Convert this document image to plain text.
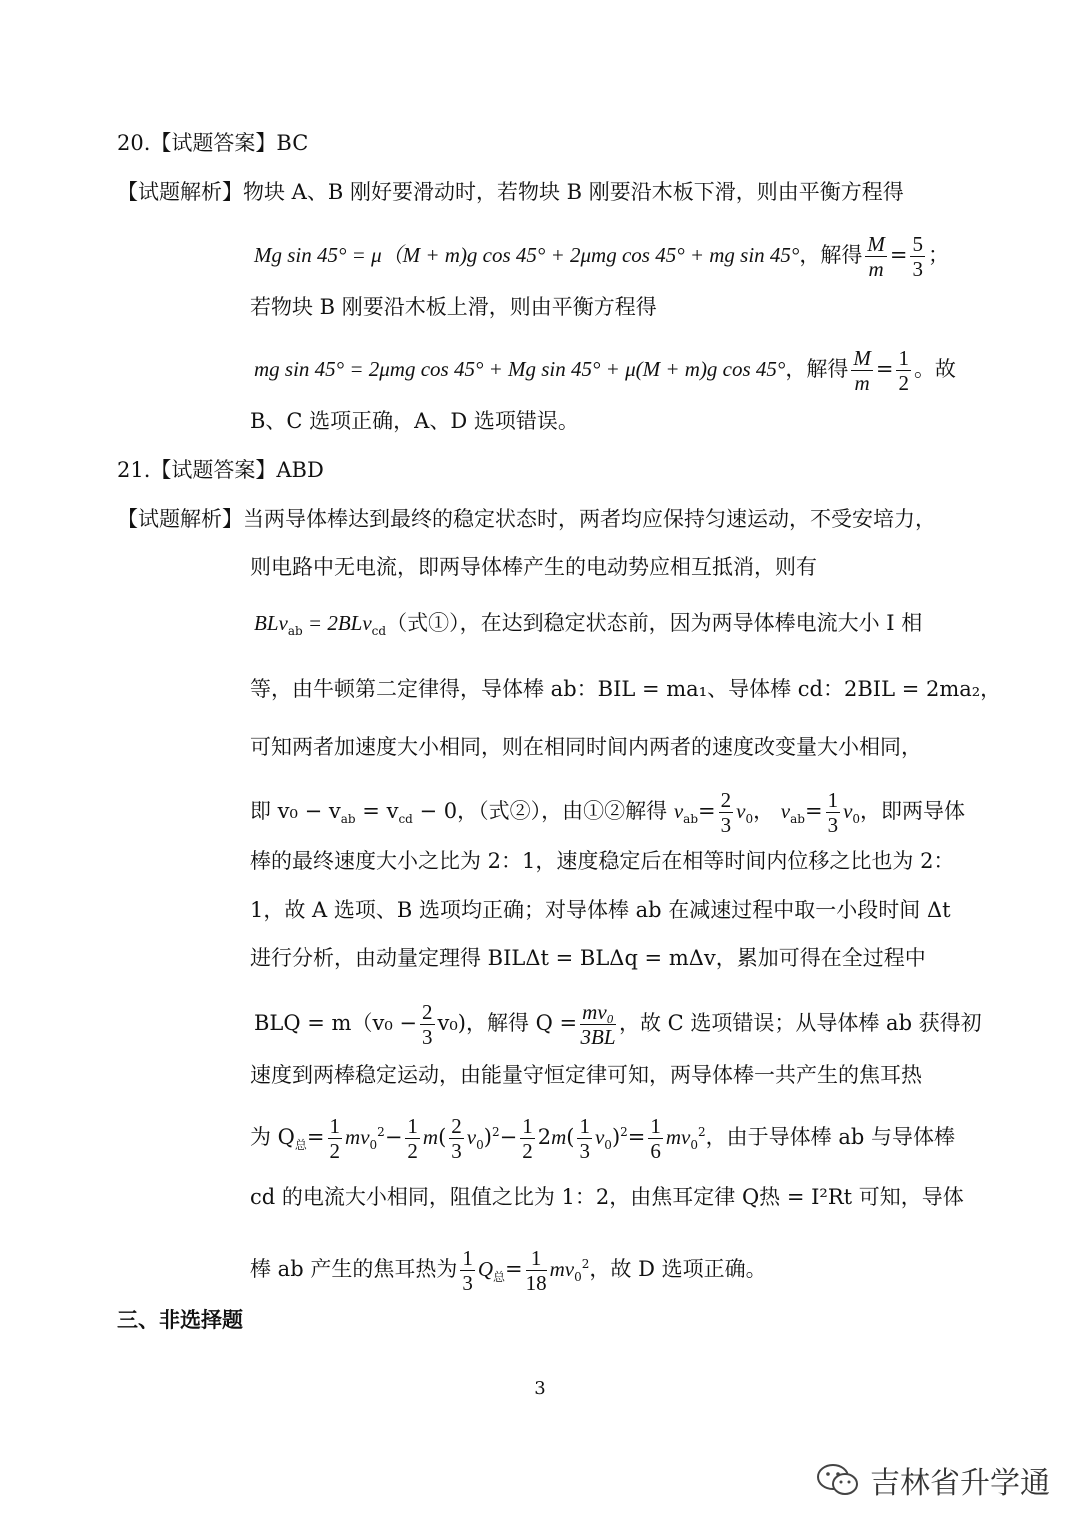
20.【试题答案】BC
【试题解析】物块 A、B 刚好要滑动时，若物块 B 刚要沿木板下滑，则由平衡方程得
Mg sin 45° = μ（M + m)g cos 45° + 2μmg cos 45° + mg sin 45°，解得 $\frac{M}{m} = \frac{5}{3}$ ；
若物块 B 刚要沿木板上滑，则由平衡方程得
mg sin 45° = 2μmg cos 45° + Mg sin 45° + μ(M + m)g cos 45°，解得 $\frac{M}{m} = \frac{1}{2}$ 。故
B、C 选项正确，A、D 选项错误。
21.【试题答案】ABD
【试题解析】当两导体棒达到最终的稳定状态时，两者均应保持匀速运动，不受安培力，
则电路中无电流，即两导体棒产生的电动势应相互抵消，则有
BLv$_{ab}$ = 2BLv$_{cd}$（式①），在达到稳定状态前，因为两导体棒电流大小 I 相
等，由牛顿第二定律得，导体棒 ab：BIL = ma₁、导体棒 cd：2BIL = 2ma₂，
可知两者加速度大小相同，则在相同时间内两者的速度改变量大小相同，
即 $v_0 - v_{ab} = v_{cd} - 0$，（式②），由①②解得 $v_{ab}= \frac{2}{3} v_0$， $v_{ab}= \frac{1}{3} v_0$，即两导体
棒的最终速度大小之比为 2：1，速度稳定后在相等时间内位移之比也为 2：
1，故 A 选项、B 选项均正确；对导体棒 ab 在减速过程中取一小段时间 Δt
进行分析，由动量定理得 BILΔt = BLΔq = mΔv，累加可得在全过程中
BLQ = $m(v_0 - \frac{2}{3} v_0)$，解得 $Q = \frac{\text{mv₀}}{3BL}$ ，故 C 选项错误；从导体棒 ab 获得初
速度到两棒稳定运动，由能量守恒定律可知，两导体棒一共产生的焦耳热
为 $Q_总= \frac{1}{2} mv_0^2- \frac{1}{2} m( \frac{2}{3} v_0)^2- \frac{1}{2} 2m( \frac{1}{3} v_0)^2= \frac{1}{6} mv_0^2$，由于导体棒 ab 与导体棒
cd 的电流大小相同，阻值之比为 1：2，由焦耳定律 Q热 = I²Rt 可知，导体
棒 ab 产生的焦耳热为 $\frac{1}{3} Q_总= \frac{1}{18} mv_0^2$，故 D 选项正确。
三、非选择题
3
吉林省升学通
